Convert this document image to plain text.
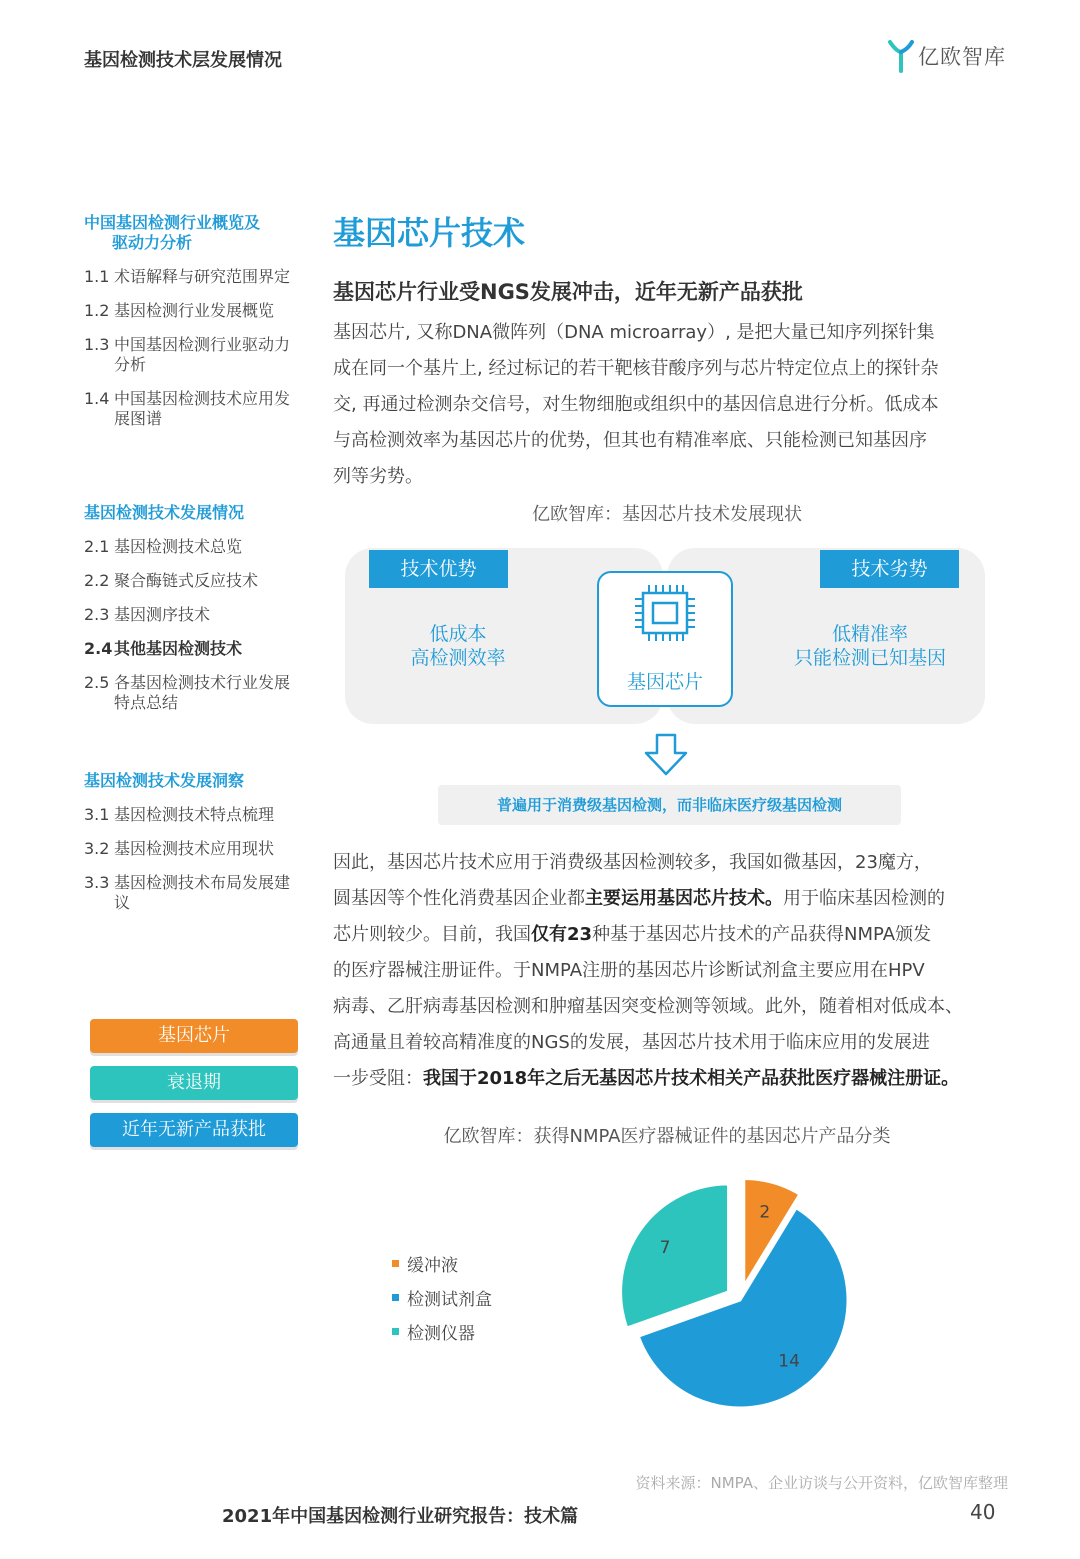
基因检测技术层发展情况	亿欧智库
中国基因检测行业概览及
驱动力分析
1.1 术语解释与研究范围界定
1.2 基因检测行业发展概览
1.3 中国基因检测行业驱动力分析
1.4 中国基因检测技术应用发展图谱
基因检测技术发展情况
2.1 基因检测技术总览
2.2 聚合酶链式反应技术
2.3 基因测序技术
2.4 其他基因检测技术
2.5 各基因检测技术行业发展特点总结
基因检测技术发展洞察
3.1 基因检测技术特点梳理
3.2 基因检测技术应用现状
3.3 基因检测技术布局发展建议
基因芯片
衰退期
近年无新产品获批
基因芯片技术
基因芯片行业受NGS发展冲击，近年无新产品获批
基因芯片, 又称DNA微阵列（DNA microarray）, 是把大量已知序列探针集
成在同一个基片上, 经过标记的若干靶核苷酸序列与芯片特定位点上的探针杂
交, 再通过检测杂交信号，对生物细胞或组织中的基因信息进行分析。低成本
与高检测效率为基因芯片的优势，但其也有精准率底、只能检测已知基因序
列等劣势。
亿欧智库：基因芯片技术发展现状
技术优势	技术劣势
低成本
高检测效率
低精准率
只能检测已知基因
基因芯片
普遍用于消费级基因检测，而非临床医疗级基因检测
因此，基因芯片技术应用于消费级基因检测较多，我国如微基因，23魔方，
圆基因等个性化消费基因企业都主要运用基因芯片技术。用于临床基因检测的
芯片则较少。目前，我国仅有23种基于基因芯片技术的产品获得NMPA颁发
的医疗器械注册证件。于NMPA注册的基因芯片诊断试剂盒主要应用在HPV
病毒、乙肝病毒基因检测和肿瘤基因突变检测等领域。此外，随着相对低成本、
高通量且着较高精准度的NGS的发展，基因芯片技术用于临床应用的发展进
一步受阻：我国于2018年之后无基因芯片技术相关产品获批医疗器械注册证。
亿欧智库：获得NMPA医疗器械证件的基因芯片产品分类
缓冲液
检测试剂盒
检测仪器
2
14
7
资料来源：NMPA、企业访谈与公开资料，亿欧智库整理
2021年中国基因检测行业研究报告：技术篇	40
